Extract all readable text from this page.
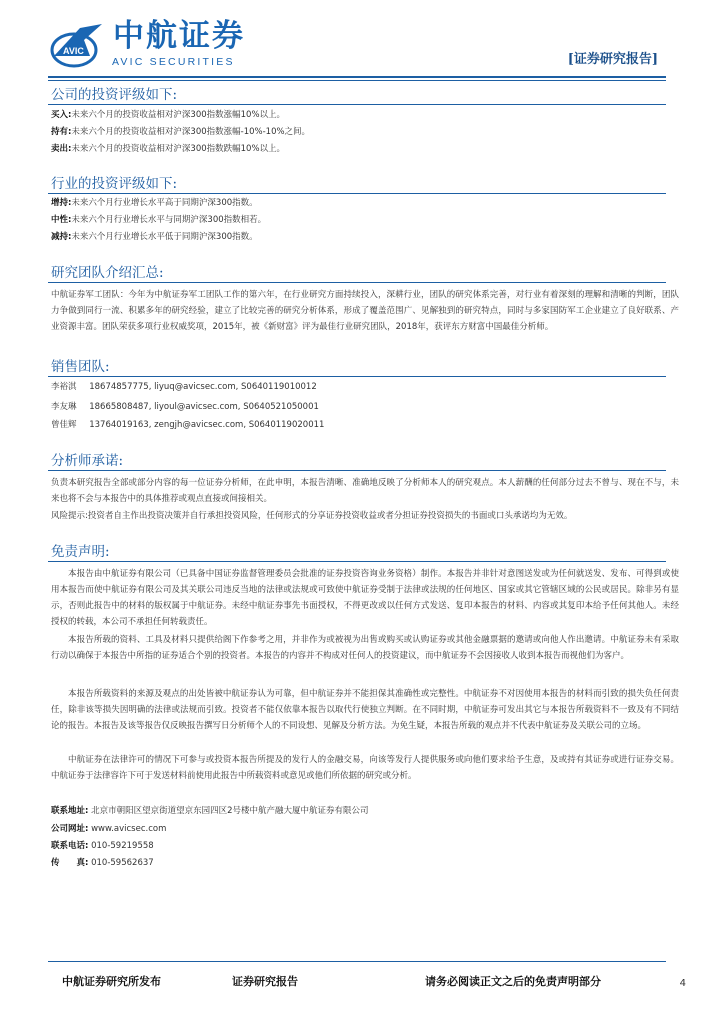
AVIC 中航证券
AVIC SECURITIES	[证券研究报告]
公司的投资评级如下:
买入:未来六个月的投资收益相对沪深300指数涨幅10%以上。
持有:未来六个月的投资收益相对沪深300指数涨幅-10%-10%之间。
卖出:未来六个月的投资收益相对沪深300指数跌幅10%以上。
行业的投资评级如下:
增持:未来六个月行业增长水平高于同期沪深300指数。
中性:未来六个月行业增长水平与同期沪深300指数相若。
减持:未来六个月行业增长水平低于同期沪深300指数。
研究团队介绍汇总:
中航证券军工团队：今年为中航证券军工团队工作的第六年，在行业研究方面持续投入，深耕行业，团队的研究体系完善，对行业有着深刻的理解和清晰的判断，团队力争做到同行一流、积累多年的研究经验，建立了比较完善的研究分析体系，形成了覆盖范围广、见解独到的研究特点，同时与多家国防军工企业建立了良好联系、产业资源丰富。团队荣获多项行业权威奖项，2015年，被《新财富》评为最佳行业研究团队，2018年，获评东方财富中国最佳分析师。
销售团队:
李裕淇 18674857775, liyuq@avicsec.com, S0640119010012
李友琳 18665808487, liyoul@avicsec.com, S0640521050001
曾佳辉 13764019163, zengjh@avicsec.com, S0640119020011
分析师承诺:
负责本研究报告全部或部分内容的每一位证券分析师，在此申明，本报告清晰、准确地反映了分析师本人的研究观点。本人薪酬的任何部分过去不曾与、现在不与，未来也将不会与本报告中的具体推荐或观点直接或间接相关。
风险提示:投资者自主作出投资决策并自行承担投资风险，任何形式的分享证券投资收益或者分担证券投资损失的书面或口头承诺均为无效。
免责声明:
本报告由中航证券有限公司（已具备中国证券监督管理委员会批准的证券投资咨询业务资格）制作。本报告并非针对意图送发或为任何就送发、发布、可得到或使用本报告而使中航证券有限公司及其关联公司违反当地的法律或法规或可致使中航证券受制于法律或法规的任何地区、国家或其它管辖区域的公民或居民。除非另有显示，否则此报告中的材料的版权属于中航证券。未经中航证券事先书面授权，不得更改或以任何方式发送、复印本报告的材料、内容或其复印本给予任何其他人。未经授权的转载，本公司不承担任何转载责任。
本报告所载的资料、工具及材料只提供给阁下作参考之用，并非作为或被视为出售或购买或认购证券或其他金融票据的邀请或向他人作出邀请。中航证券未有采取行动以确保于本报告中所指的证券适合个别的投资者。本报告的内容并不构成对任何人的投资建议，而中航证券不会因接收人收到本报告而视他们为客户。
本报告所载资料的来源及观点的出处皆被中航证券认为可靠，但中航证券并不能担保其准确性或完整性。中航证券不对因使用本报告的材料而引致的损失负任何责任，除非该等损失因明确的法律或法规而引致。投资者不能仅依靠本报告以取代行使独立判断。在不同时期，中航证券可发出其它与本报告所载资料不一致及有不同结论的报告。本报告及该等报告仅反映报告撰写日分析师个人的不同设想、见解及分析方法。为免生疑，本报告所载的观点并不代表中航证券及关联公司的立场。
中航证券在法律许可的情况下可参与或投资本报告所提及的发行人的金融交易，向该等发行人提供服务或向他们要求给予生意，及或持有其证券或进行证券交易。中航证券于法律容许下可于发送材料前使用此报告中所载资料或意见或他们所依据的研究或分析。
联系地址: 北京市朝阳区望京街道望京东园四区2号楼中航产融大厦中航证券有限公司
公司网址: www.avicsec.com
联系电话: 010-59219558
传　　真: 010-59562637
中航证券研究所发布	证券研究报告	请务必阅读正文之后的免责声明部分	4
